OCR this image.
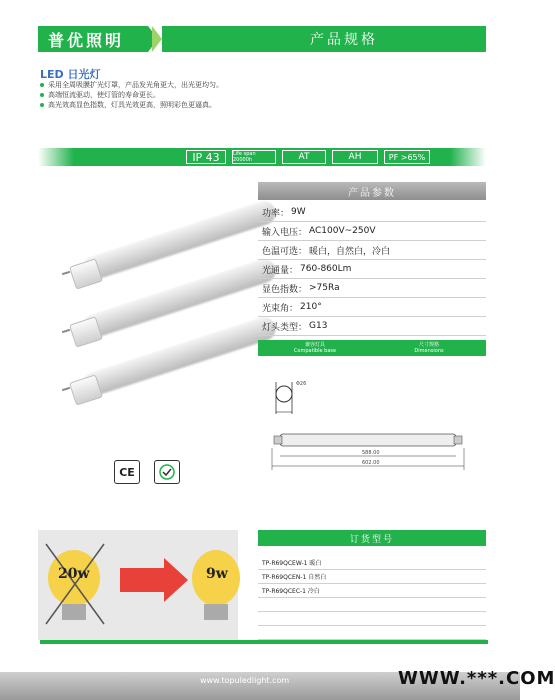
普优照明	产品规格
LED 日光灯
采用全周吸膜扩光灯罩，产品发光角更大，出光更均匀。
高端恒流驱动，使灯管的寿命更长。
高光效高显色指数，灯具光效更高，照明彩色更逼真。
IP 43	Life span 20000h	AT	AH	PF >65%
产品参数
功率： 9W
输入电压： AC100V~250V
色温可选： 暖白，自然白，冷白
光通量： 760-860Lm
显色指数： >75Ra
光束角： 210°
灯头类型： G13
兼容灯具
Compatible base
尺寸规格
Dimensions
Φ26
588.00
602.00
CE
20w	9w
订货型号
TP-R69QCEW-1 暖白
TP-R69QCEN-1 自然白
TP-R69QCEC-1 冷白
www.topuledlight.com	WWW.***.COM
